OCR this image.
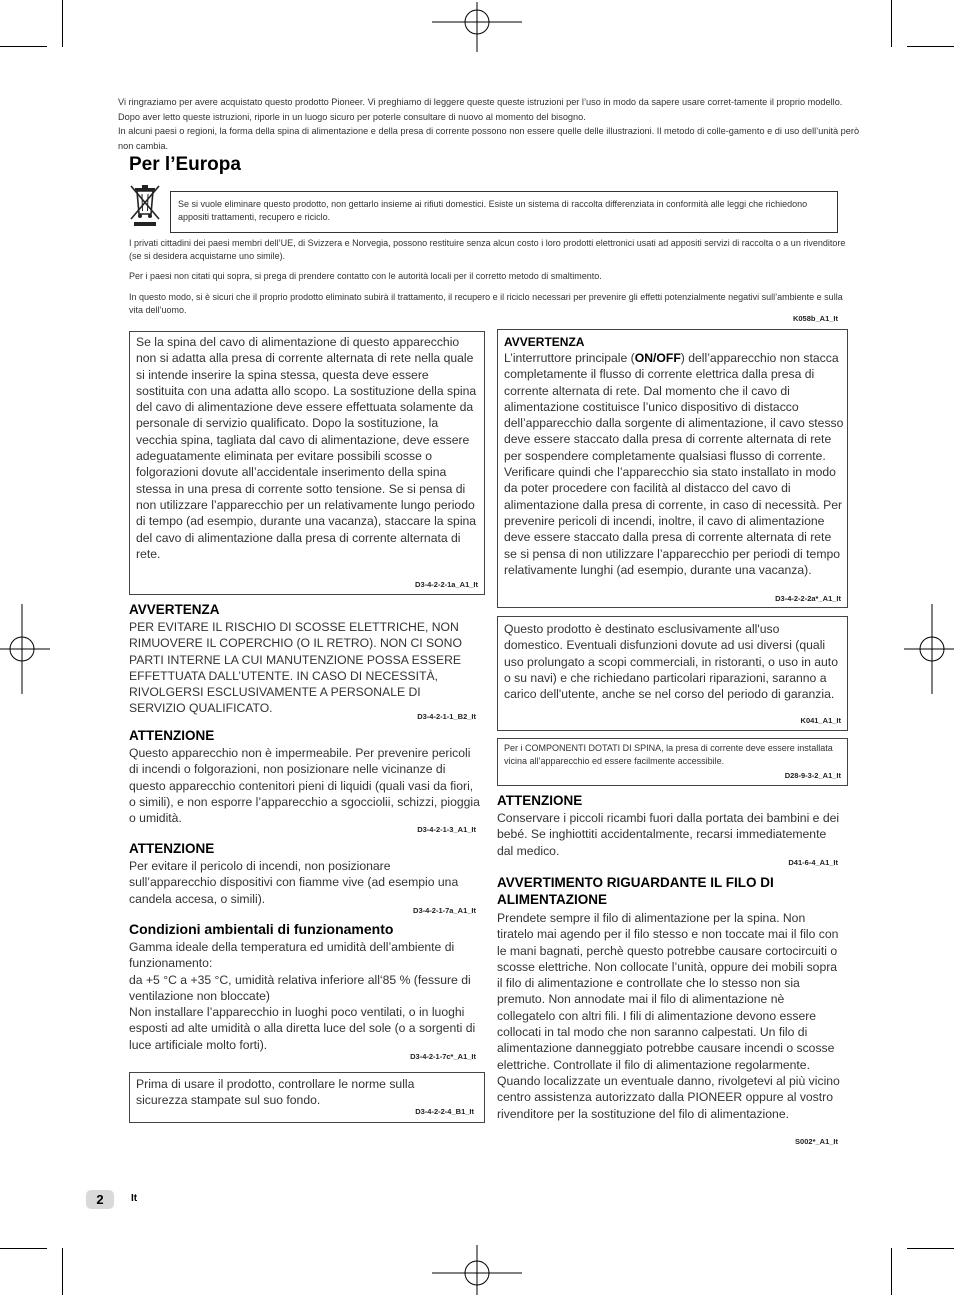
Vi ringraziamo per avere acquistato questo prodotto Pioneer. Vi preghiamo di leggere queste queste istruzioni per l’uso in modo da sapere usare corret-tamente il proprio modello. Dopo aver letto queste istruzioni, riporle in un luogo sicuro per poterle consultare di nuovo al momento del bisogno.

In alcuni paesi o regioni, la forma della spina di alimentazione e della presa di corrente possono non essere quelle delle illustrazioni. Il metodo di colle-gamento e di uso dell’unità però non cambia.

Per l’Europa
Se si vuole eliminare questo prodotto, non gettarlo insieme ai rifiuti domestici. Esiste un sistema di raccolta differenziata in conformità alle leggi che richiedono appositi trattamenti, recupero e riciclo.

I privati cittadini dei paesi membri dell’UE, di Svizzera e Norvegia, possono restituire senza alcun costo i loro prodotti elettronici usati ad appositi servizi di raccolta o a un rivenditore (se si desidera acquistarne uno simile).

Per i paesi non citati qui sopra, si prega di prendere contatto con le autorità locali per il corretto metodo di smaltimento.

In questo modo, si è sicuri che il proprio prodotto eliminato subirà il trattamento, il recupero e il riciclo necessari per prevenire gli effetti potenzialmente negativi sull’ambiente e sulla vita dell’uomo.

K058b_A1_It
Se la spina del cavo di alimentazione di questo apparecchio non si adatta alla presa di corrente alternata di rete nella quale si intende inserire la spina stessa, questa deve essere sostituita con una adatta allo scopo. La sostituzione della spina del cavo di alimentazione deve essere effettuata solamente da personale di servizio qualificato. Dopo la sostituzione, la vecchia spina, tagliata dal cavo di alimentazione, deve essere adeguatamente eliminata per evitare possibili scosse o folgorazioni dovute all’accidentale inserimento della spina stessa in una presa di corrente sotto tensione. Se si pensa di non utilizzare l’apparecchio per un relativamente lungo periodo di tempo (ad esempio, durante una vacanza), staccare la spina del cavo di alimentazione dalla presa di corrente alternata di rete.
D3-4-2-2-1a_A1_It
AVVERTENZA
PER EVITARE IL RISCHIO DI SCOSSE ELETTRICHE, NON RIMUOVERE IL COPERCHIO (O IL RETRO). NON CI SONO PARTI INTERNE LA CUI MANUTENZIONE POSSA ESSERE EFFETTUATA DALL’UTENTE. IN CASO DI NECESSITÀ, RIVOLGERSI ESCLUSIVAMENTE A PERSONALE DI SERVIZIO QUALIFICATO.
D3-4-2-1-1_B2_It
ATTENZIONE
Questo apparecchio non è impermeabile. Per prevenire pericoli di incendi o folgorazioni, non posizionare nelle vicinanze di questo apparecchio contenitori pieni di liquidi (quali vasi da fiori, o simili), e non esporre l’apparecchio a sgocciolii, schizzi, pioggia o umidità.
D3-4-2-1-3_A1_It
ATTENZIONE
Per evitare il pericolo di incendi, non posizionare sull’apparecchio dispositivi con fiamme vive (ad esempio una candela accesa, o simili).
D3-4-2-1-7a_A1_It
Condizioni ambientali di funzionamento
Gamma ideale della temperatura ed umidità dell’ambiente di funzionamento:
da +5 °C a +35 °C, umidità relativa inferiore all‘85 % (fessure di ventilazione non bloccate)
Non installare l’apparecchio in luoghi poco ventilati, o in luoghi esposti ad alte umidità o alla diretta luce del sole (o a sorgenti di luce artificiale molto forti).
D3-4-2-1-7c*_A1_It
Prima di usare il prodotto, controllare le norme sulla sicurezza stampate sul suo fondo.
D3-4-2-2-4_B1_It
AVVERTENZA
L’interruttore principale (ON/OFF) dell’apparecchio non stacca completamente il flusso di corrente elettrica dalla presa di corrente alternata di rete. Dal momento che il cavo di alimentazione costituisce l’unico dispositivo di distacco dell’apparecchio dalla sorgente di alimentazione, il cavo stesso deve essere staccato dalla presa di corrente alternata di rete per sospendere completamente qualsiasi flusso di corrente. Verificare quindi che l’apparecchio sia stato installato in modo da poter procedere con facilità al distacco del cavo di alimentazione dalla presa di corrente, in caso di necessità. Per prevenire pericoli di incendi, inoltre, il cavo di alimentazione deve essere staccato dalla presa di corrente alternata di rete se si pensa di non utilizzare l’apparecchio per periodi di tempo relativamente lunghi (ad esempio, durante una vacanza).
D3-4-2-2-2a*_A1_It
Questo prodotto è destinato esclusivamente all'uso domestico. Eventuali disfunzioni dovute ad usi diversi (quali uso prolungato a scopi commerciali, in ristoranti, o uso in auto o su navi) e che richiedano particolari riparazioni, saranno a carico dell'utente, anche se nel corso del periodo di garanzia.
K041_A1_It
Per i COMPONENTI DOTATI DI SPINA, la presa di corrente deve essere installata vicina all’apparecchio ed essere facilmente accessibile.
D28-9-3-2_A1_It
ATTENZIONE
Conservare i piccoli ricambi fuori dalla portata dei bambini e dei bebé. Se inghiottiti accidentalmente, recarsi immediatemente dal medico.
D41-6-4_A1_It
AVVERTIMENTO RIGUARDANTE IL FILO DI ALIMENTAZIONE
Prendete sempre il filo di alimentazione per la spina. Non tiratelo mai agendo per il filo stesso e non toccate mai il filo con le mani bagnati, perchè questo potrebbe causare cortocircuiti o scosse elettriche. Non collocate l’unità, oppure dei mobili sopra il filo di alimentazione e controllate che lo stesso non sia premuto. Non annodate mai il filo di alimentazione nè collegatelo con altri fili. I fili di alimentazione devono essere collocati in tal modo che non saranno calpestati. Un filo di alimentazione danneggiato potrebbe causare incendi o scosse elettriche. Controllate il filo di alimentazione regolarmente. Quando localizzate un eventuale danno, rivolgetevi al più vicino centro assistenza autorizzato dalla PIONEER oppure al vostro rivenditore per la sostituzione del filo di alimentazione.
S002*_A1_It
2	It
